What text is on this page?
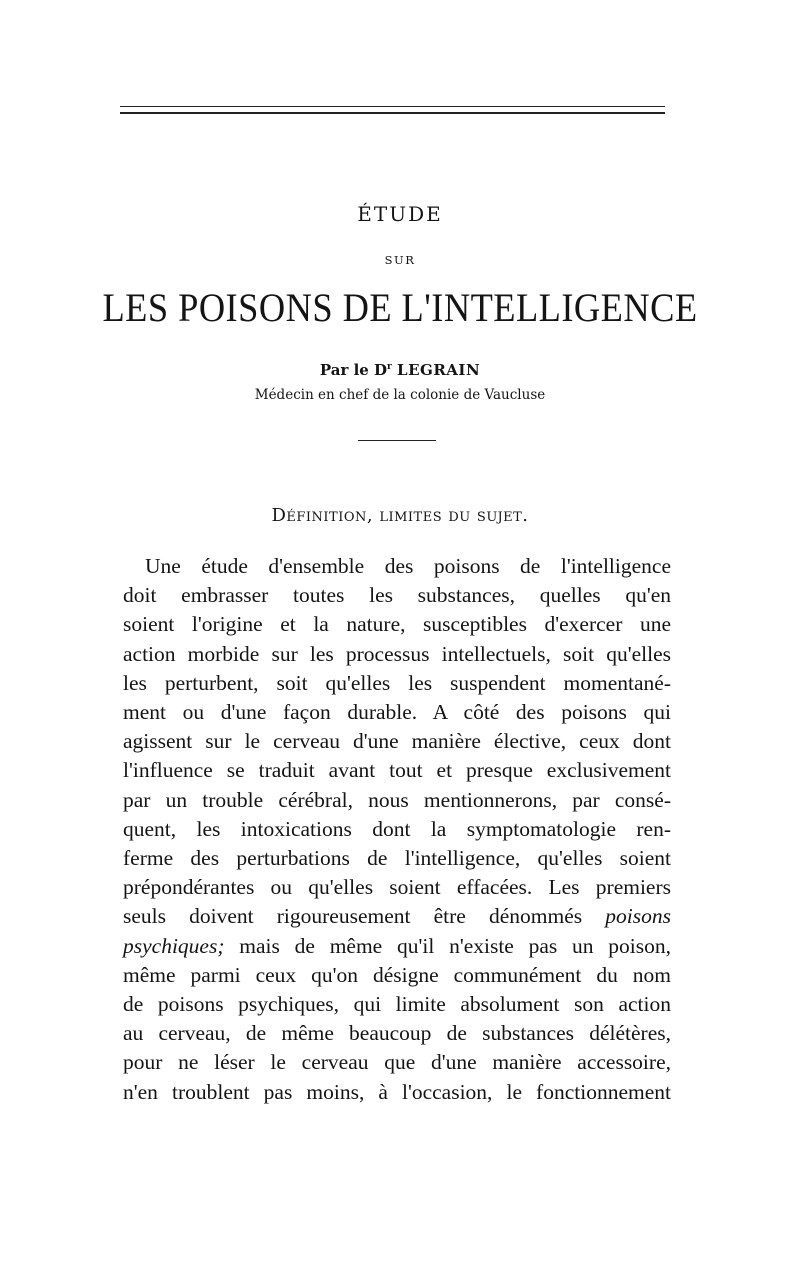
ÉTUDE
SUR
LES POISONS DE L'INTELLIGENCE
Par le $D^r$ LEGRAIN
Médecin en chef de la colonie de Vaucluse
Définition, limites du sujet.
Une étude d'ensemble des poisons de l'intelligence
doit embrasser toutes les substances, quelles qu'en
soient l'origine et la nature, susceptibles d'exercer une
action morbide sur les processus intellectuels, soit qu'elles
les perturbent, soit qu'elles les suspendent momentané-
ment ou d'une façon durable. A côté des poisons qui
agissent sur le cerveau d'une manière élective, ceux dont
l'influence se traduit avant tout et presque exclusivement
par un trouble cérébral, nous mentionnerons, par consé-
quent, les intoxications dont la symptomatologie ren-
ferme des perturbations de l'intelligence, qu'elles soient
prépondérantes ou qu'elles soient effacées. Les premiers
seuls doivent rigoureusement être dénommés poisons
psychiques; mais de même qu'il n'existe pas un poison,
même parmi ceux qu'on désigne communément du nom
de poisons psychiques, qui limite absolument son action
au cerveau, de même beaucoup de substances délétères,
pour ne léser le cerveau que d'une manière accessoire,
n'en troublent pas moins, à l'occasion, le fonctionnement
